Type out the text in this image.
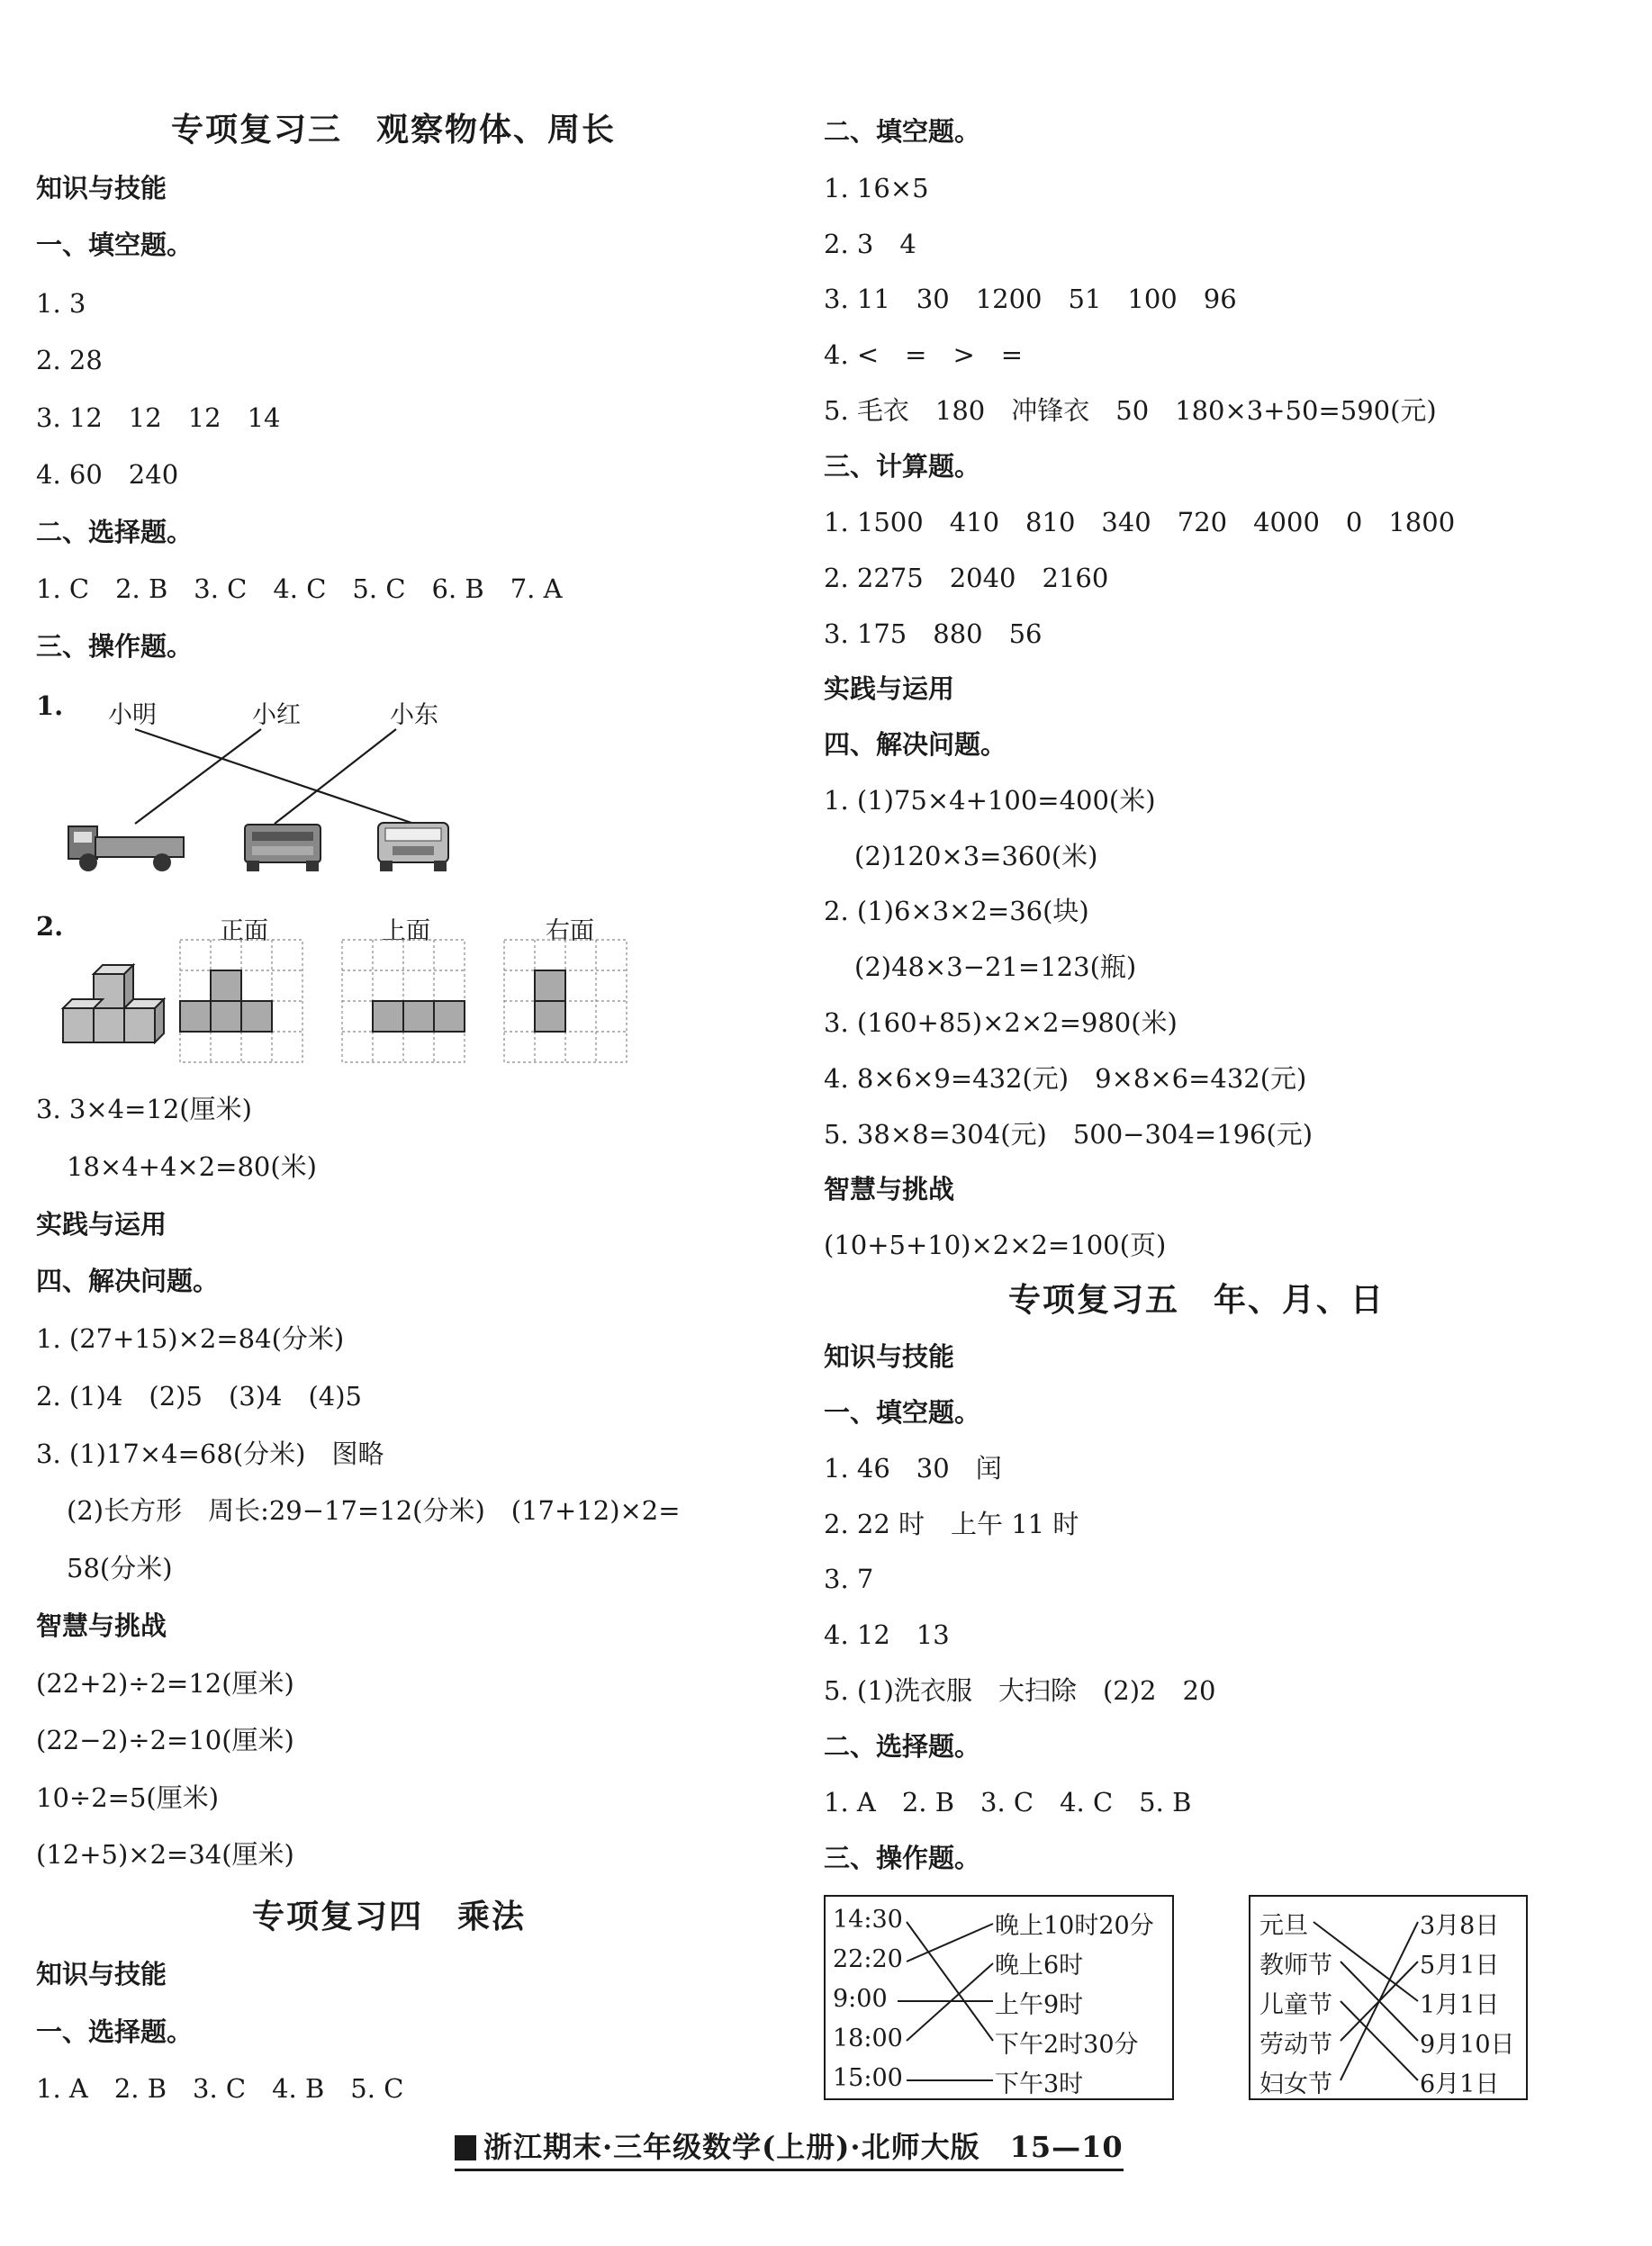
专项复习三　观察物体、周长
知识与技能
一、填空题。
1. 3
2. 28
3. 12　12　12　14
4. 60　240
二、选择题。
1. C　2. B　3. C　4. C　5. C　6. B　7. A
三、操作题。
1. 小明	小红	小东
2.	正面	上面	右面
3. 3×4=12(厘米)
18×4+4×2=80(米)
实践与运用
四、解决问题。
1. (27+15)×2=84(分米)
2. (1)4　(2)5　(3)4　(4)5
3. (1)17×4=68(分米)　图略
(2)长方形　周长:29−17=12(分米)　(17+12)×2=
58(分米)
智慧与挑战
(22+2)÷2=12(厘米)
(22−2)÷2=10(厘米)
10÷2=5(厘米)
(12+5)×2=34(厘米)
专项复习四　乘法
知识与技能
一、选择题。
1. A　2. B　3. C　4. B　5. C
二、填空题。
1. 16×5
2. 3　4
3. 11　30　1200　51　100　96
4. <　=　>　=
5. 毛衣　180　冲锋衣　50　180×3+50=590(元)
三、计算题。
1. 1500　410　810　340　720　4000　0　1800
2. 2275　2040　2160
3. 175　880　56
实践与运用
四、解决问题。
1. (1)75×4+100=400(米)
(2)120×3=360(米)
2. (1)6×3×2=36(块)
(2)48×3−21=123(瓶)
3. (160+85)×2×2=980(米)
4. 8×6×9=432(元)　9×8×6=432(元)
5. 38×8=304(元)　500−304=196(元)
智慧与挑战
(10+5+10)×2×2=100(页)
专项复习五　年、月、日
知识与技能
一、填空题。
1. 46　30　闰
2. 22 时　上午 11 时
3. 7
4. 12　13
5. (1)洗衣服　大扫除　(2)2　20
二、选择题。
1. A　2. B　3. C　4. C　5. B
三、操作题。
14:30
22:20
9:00
18:00
15:00
晚上10时20分
晚上6时
上午9时
下午2时30分
下午3时
元旦
教师节
儿童节
劳动节
妇女节
3月8日
5月1日
1月1日
9月10日
6月1日
浙江期末·三年级数学(上册)·北师大版　 15—10
